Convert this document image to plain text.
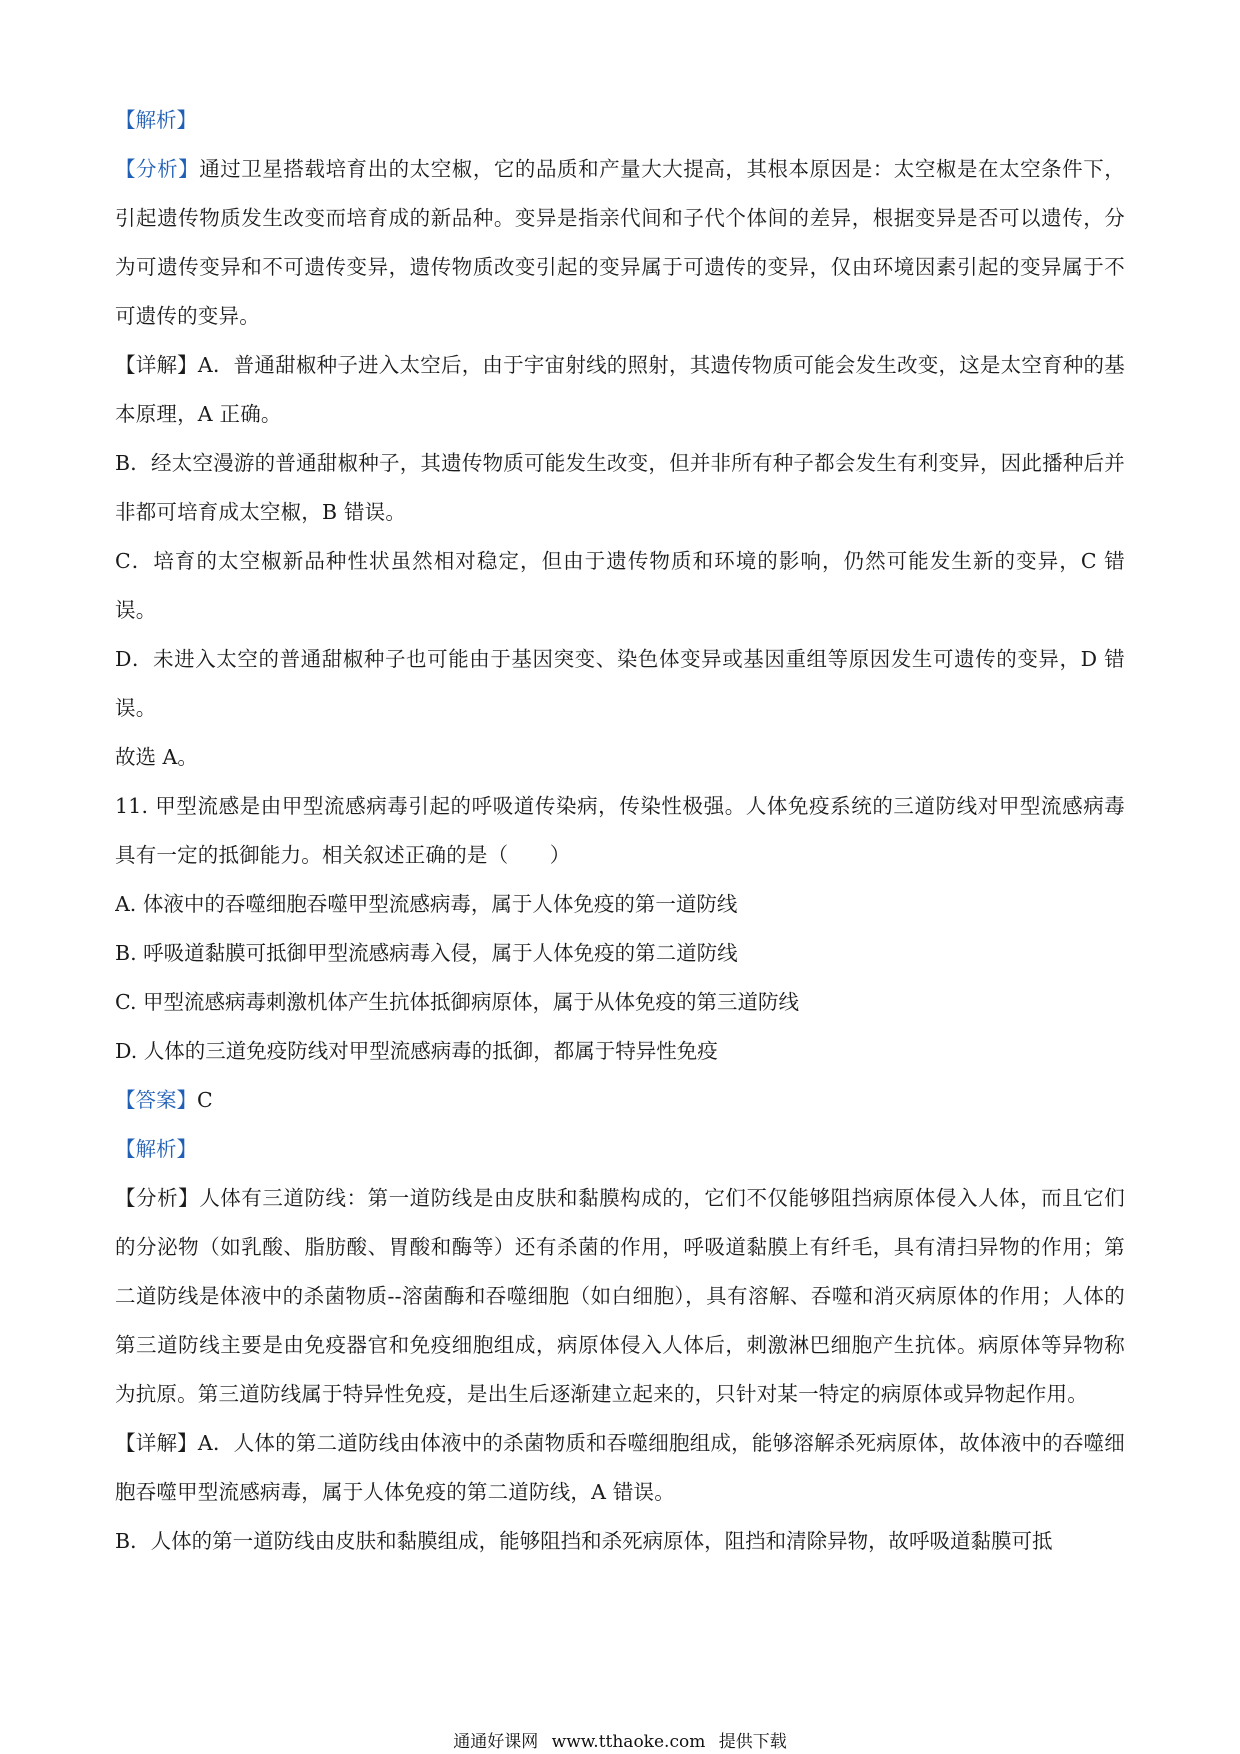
【解析】
【分析】通过卫星搭载培育出的太空椒，它的品质和产量大大提高，其根本原因是：太空椒是在太空条件下，引起遗传物质发生改变而培育成的新品种。变异是指亲代间和子代个体间的差异，根据变异是否可以遗传，分为可遗传变异和不可遗传变异，遗传物质改变引起的变异属于可遗传的变异，仅由环境因素引起的变异属于不可遗传的变异。
【详解】A．普通甜椒种子进入太空后，由于宇宙射线的照射，其遗传物质可能会发生改变，这是太空育种的基本原理，A 正确。
B．经太空漫游的普通甜椒种子，其遗传物质可能发生改变，但并非所有种子都会发生有利变异，因此播种后并非都可培育成太空椒，B 错误。
C．培育的太空椒新品种性状虽然相对稳定，但由于遗传物质和环境的影响，仍然可能发生新的变异，C 错误。
D．未进入太空的普通甜椒种子也可能由于基因突变、染色体变异或基因重组等原因发生可遗传的变异，D 错误。
故选 A。
11. 甲型流感是由甲型流感病毒引起的呼吸道传染病，传染性极强。人体免疫系统的三道防线对甲型流感病毒具有一定的抵御能力。相关叙述正确的是（　　）
A. 体液中的吞噬细胞吞噬甲型流感病毒，属于人体免疫的第一道防线
B. 呼吸道黏膜可抵御甲型流感病毒入侵，属于人体免疫的第二道防线
C. 甲型流感病毒刺激机体产生抗体抵御病原体，属于从体免疫的第三道防线
D. 人体的三道免疫防线对甲型流感病毒的抵御，都属于特异性免疫
【答案】C
【解析】
【分析】人体有三道防线：第一道防线是由皮肤和黏膜构成的，它们不仅能够阻挡病原体侵入人体，而且它们的分泌物（如乳酸、脂肪酸、胃酸和酶等）还有杀菌的作用，呼吸道黏膜上有纤毛，具有清扫异物的作用；第二道防线是体液中的杀菌物质--溶菌酶和吞噬细胞（如白细胞），具有溶解、吞噬和消灭病原体的作用；人体的第三道防线主要是由免疫器官和免疫细胞组成，病原体侵入人体后，刺激淋巴细胞产生抗体。病原体等异物称为抗原。第三道防线属于特异性免疫，是出生后逐渐建立起来的，只针对某一特定的病原体或异物起作用。
【详解】A．人体的第二道防线由体液中的杀菌物质和吞噬细胞组成，能够溶解杀死病原体，故体液中的吞噬细胞吞噬甲型流感病毒，属于人体免疫的第二道防线，A 错误。
B．人体的第一道防线由皮肤和黏膜组成，能够阻挡和杀死病原体，阻挡和清除异物，故呼吸道黏膜可抵
通通好课网 www.tthaoke.com 提供下载
